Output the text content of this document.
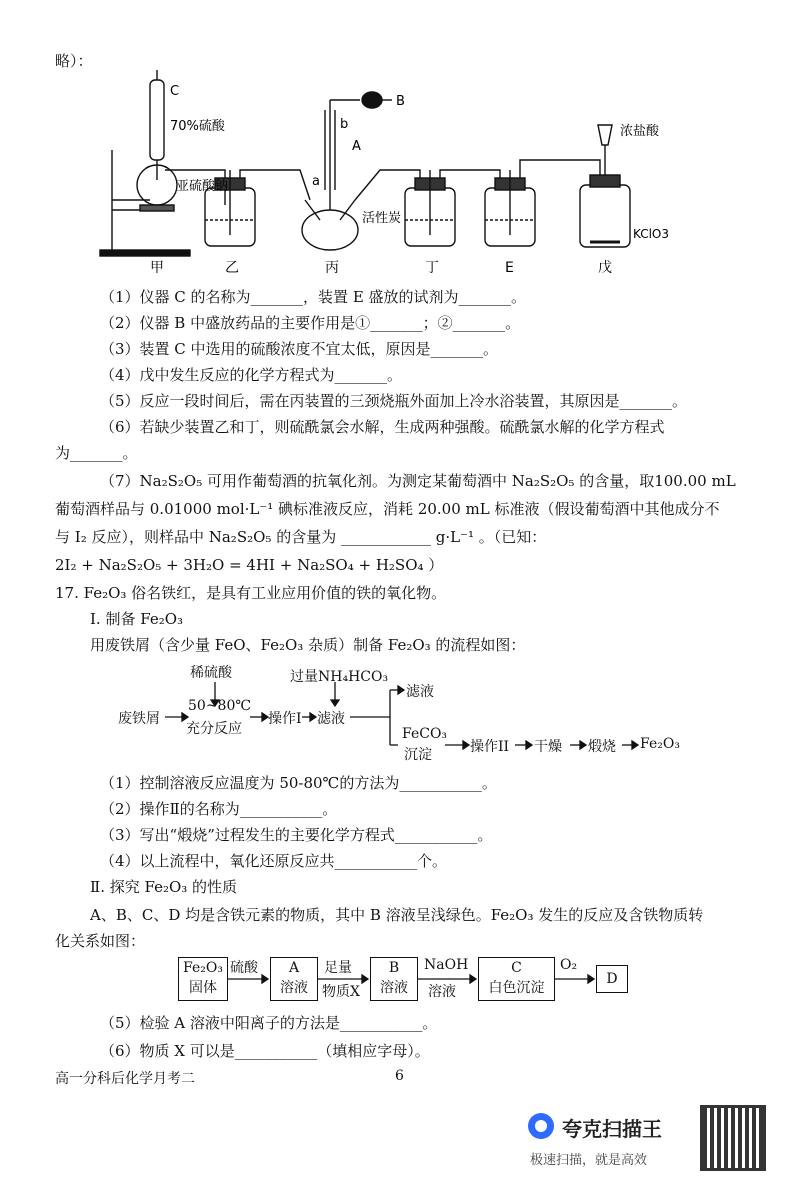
略）：
C
70%硫酸
亚硫酸钠
B
b
A
a
活性炭
浓盐酸
KClO3
甲	乙	丙	丁	E	戊
（1）仪器 C 的名称为_______，装置 E 盛放的试剂为_______。
（2）仪器 B 中盛放药品的主要作用是①_______；②_______。
（3）装置 C 中选用的硫酸浓度不宜太低，原因是_______。
（4）戊中发生反应的化学方程式为_______。
（5）反应一段时间后，需在丙装置的三颈烧瓶外面加上冷水浴装置，其原因是_______。
（6）若缺少装置乙和丁，则硫酰氯会水解，生成两种强酸。硫酰氯水解的化学方程式
为_______。
（7）Na₂S₂O₅ 可用作葡萄酒的抗氧化剂。为测定某葡萄酒中 Na₂S₂O₅ 的含量，取100.00 mL
葡萄酒样品与 0.01000 mol·L⁻¹ 碘标准液反应，消耗 20.00 mL 标准液（假设葡萄酒中其他成分不
与 I₂ 反应），则样品中 Na₂S₂O₅ 的含量为 ____________ g·L⁻¹ 。（已知：
2I₂ + Na₂S₂O₅ + 3H₂O = 4HI + Na₂SO₄ + H₂SO₄ ）
17. Fe₂O₃ 俗名铁红，是具有工业应用价值的铁的氧化物。
Ⅰ. 制备 Fe₂O₃
用废铁屑（含少量 FeO、Fe₂O₃ 杂质）制备 Fe₂O₃ 的流程如图：
稀硫酸	过量NH₄HCO₃
废铁屑
50~80℃
充分反应
操作I 滤液
滤液
FeCO₃
沉淀	操作II 干燥 煅烧 Fe₂O₃
（1）控制溶液反应温度为 50-80℃的方法为___________。
（2）操作Ⅱ的名称为___________。
（3）写出“煅烧”过程发生的主要化学方程式___________。
（4）以上流程中，氧化还原反应共___________个。
Ⅱ. 探究 Fe₂O₃ 的性质
A、B、C、D 均是含铁元素的物质，其中 B 溶液呈浅绿色。Fe₂O₃ 发生的反应及含铁物质转
化关系如图：
Fe₂O₃
固体
硫酸	A
溶液
足量
物质X
B
溶液
NaOH
溶液
C
白色沉淀
O₂
D
（5）检验 A 溶液中阳离子的方法是___________。
（6）物质 X 可以是___________（填相应字母）。
高一分科后化学月考二	6
夸克扫描王
极速扫描，就是高效
